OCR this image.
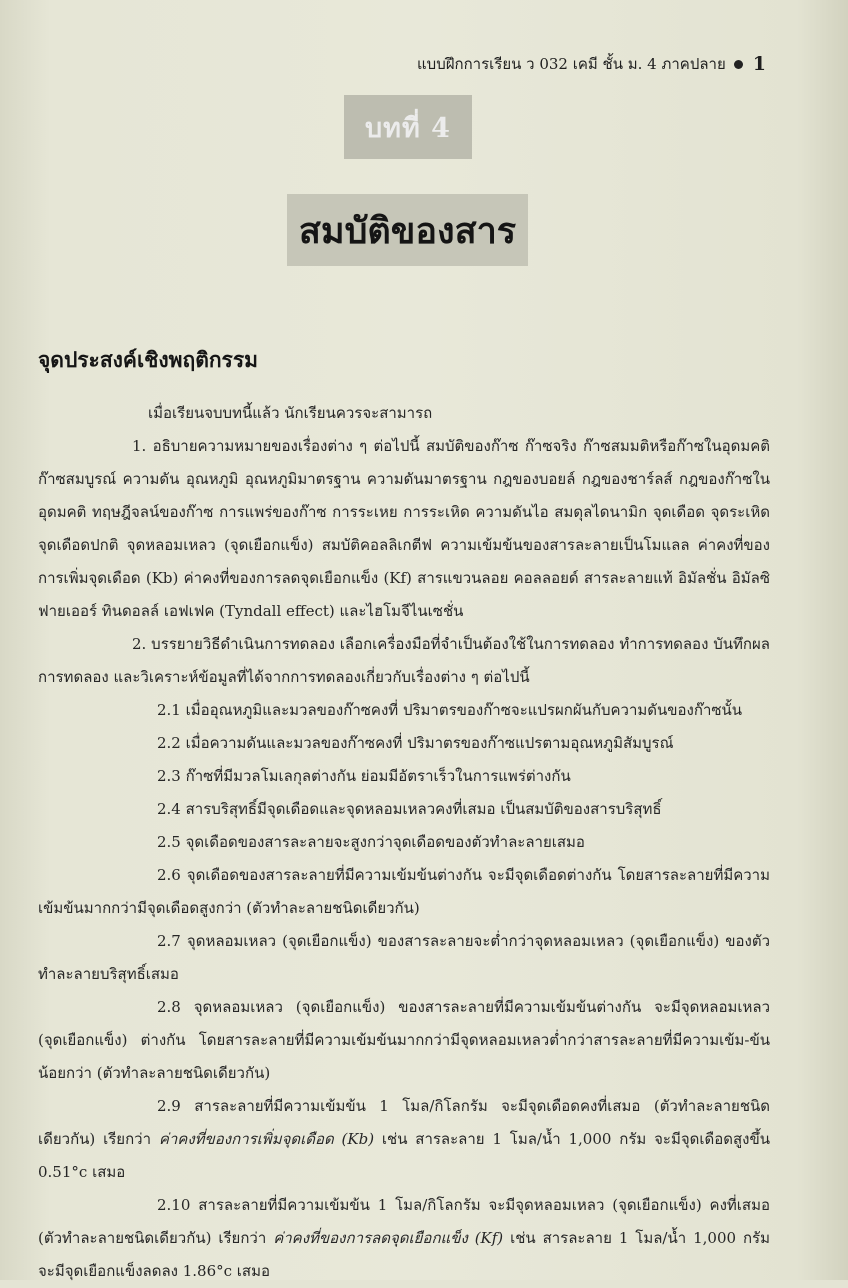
แบบฝึกการเรียน ว 032 เคมี ชั้น ม. 4 ภาคปลาย 1
บทที่ 4
สมบัติของสาร
จุดประสงค์เชิงพฤติกรรม

เมื่อเรียนจบบทนี้แล้ว นักเรียนควรจะสามารถ

1. อธิบายความหมายของเรื่องต่าง ๆ ต่อไปนี้ สมบัติของก๊าซ ก๊าซจริง ก๊าซสมมติหรือก๊าซในอุดมคติ ก๊าซสมบูรณ์ ความดัน อุณหภูมิ อุณหภูมิมาตรฐาน ความดันมาตรฐาน กฎของบอยล์ กฎของชาร์ลส์ กฎของก๊าซในอุดมคติ ทฤษฎีจลน์ของก๊าซ การแพร่ของก๊าซ การระเหย การระเหิด ความดันไอ สมดุลไดนามิก จุดเดือด จุดระเหิด จุดเดือดปกติ จุดหลอมเหลว (จุดเยือกแข็ง) สมบัติคอลลิเกตีฟ ความเข้มข้นของสารละลายเป็นโมแลล ค่าคงที่ของการเพิ่มจุดเดือด (Kb) ค่าคงที่ของการลดจุดเยือกแข็ง (Kf) สารแขวนลอย คอลลอยด์ สารละลายแท้ อิมัลชั่น อิมัลซิฟายเออร์ ทินดอลล์ เอฟเฟค (Tyndall effect) และไฮโมจีไนเซชั่น

2. บรรยายวิธีดำเนินการทดลอง เลือกเครื่องมือที่จำเป็นต้องใช้ในการทดลอง ทำการทดลอง บันทึกผลการทดลอง และวิเคราะห์ข้อมูลที่ได้จากการทดลองเกี่ยวกับเรื่องต่าง ๆ ต่อไปนี้

2.1 เมื่ออุณหภูมิและมวลของก๊าซคงที่ ปริมาตรของก๊าซจะแปรผกผันกับความดันของก๊าซนั้น

2.2 เมื่อความดันและมวลของก๊าซคงที่ ปริมาตรของก๊าซแปรตามอุณหภูมิสัมบูรณ์

2.3 ก๊าซที่มีมวลโมเลกุลต่างกัน ย่อมมีอัตราเร็วในการแพร่ต่างกัน

2.4 สารบริสุทธิ์มีจุดเดือดและจุดหลอมเหลวคงที่เสมอ เป็นสมบัติของสารบริสุทธิ์

2.5 จุดเดือดของสารละลายจะสูงกว่าจุดเดือดของตัวทำละลายเสมอ

2.6 จุดเดือดของสารละลายที่มีความเข้มข้นต่างกัน จะมีจุดเดือดต่างกัน โดยสารละลายที่มีความเข้มข้นมากกว่ามีจุดเดือดสูงกว่า (ตัวทำละลายชนิดเดียวกัน)

2.7 จุดหลอมเหลว (จุดเยือกแข็ง) ของสารละลายจะต่ำกว่าจุดหลอมเหลว (จุดเยือกแข็ง) ของตัวทำละลายบริสุทธิ์เสมอ

2.8 จุดหลอมเหลว (จุดเยือกแข็ง) ของสารละลายที่มีความเข้มข้นต่างกัน จะมีจุดหลอมเหลว (จุดเยือกแข็ง) ต่างกัน โดยสารละลายที่มีความเข้มข้นมากกว่ามีจุดหลอมเหลวต่ำกว่าสารละลายที่มีความเข้ม-ข้นน้อยกว่า (ตัวทำละลายชนิดเดียวกัน)

2.9 สารละลายที่มีความเข้มข้น 1 โมล/กิโลกรัม จะมีจุดเดือดคงที่เสมอ (ตัวทำละลายชนิดเดียวกัน) เรียกว่า ค่าคงที่ของการเพิ่มจุดเดือด (Kb) เช่น สารละลาย 1 โมล/น้ำ 1,000 กรัม จะมีจุดเดือดสูงขึ้น 0.51°c เสมอ

2.10 สารละลายที่มีความเข้มข้น 1 โมล/กิโลกรัม จะมีจุดหลอมเหลว (จุดเยือกแข็ง) คงที่เสมอ (ตัวทำละลายชนิดเดียวกัน) เรียกว่า ค่าคงที่ของการลดจุดเยือกแข็ง (Kf) เช่น สารละลาย 1 โมล/น้ำ 1,000 กรัม จะมีจุดเยือกแข็งลดลง 1.86°c เสมอ
